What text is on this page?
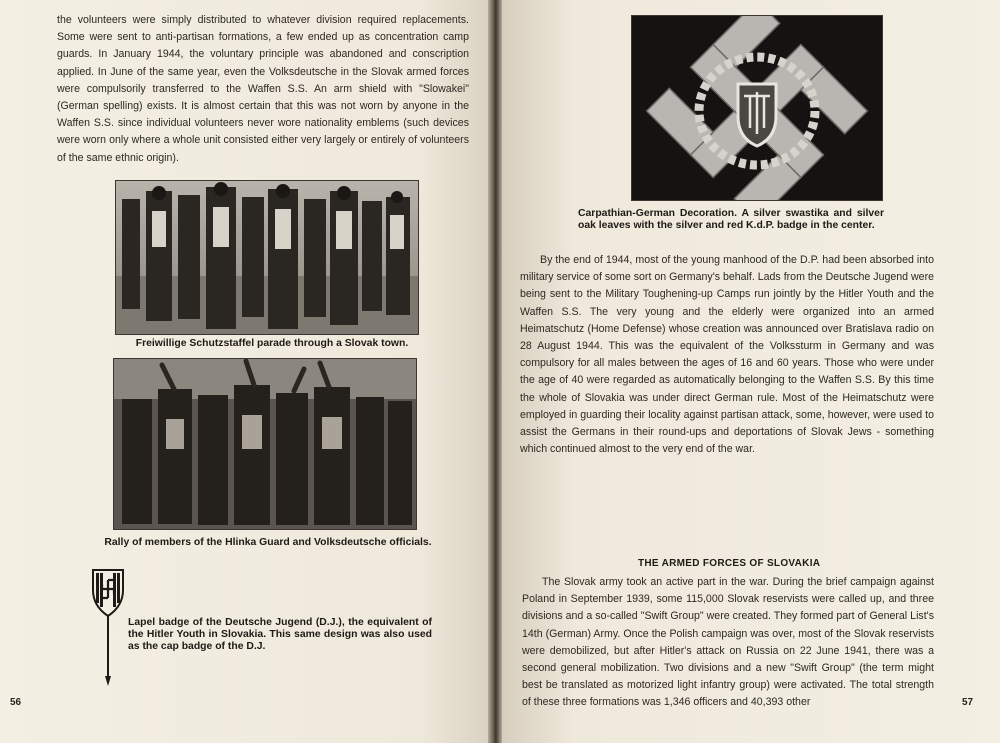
the volunteers were simply distributed to whatever division required replacements. Some were sent to anti-partisan formations, a few ended up as concentration camp guards. In January 1944, the voluntary principle was abandoned and conscription applied. In June of the same year, even the Volksdeutsche in the Slovak armed forces were compulsorily transferred to the Waffen S.S. An arm shield with "Slowakei" (German spelling) exists. It is almost certain that this was not worn by anyone in the Waffen S.S. since individual volunteers never wore nationality emblems (such devices were worn only where a whole unit consisted either very largely or entirely of volunteers of the same ethnic origin).

Freiwillige Schutzstaffel parade through a Slovak town.
Rally of members of the Hlinka Guard and Volksdeutsche officials.
Lapel badge of the Deutsche Jugend (D.J.), the equivalent of the Hitler Youth in Slovakia. This same design was also used as the cap badge of the D.J.
56
Carpathian-German Decoration. A silver swastika and silver oak leaves with the silver and red K.d.P. badge in the center.

By the end of 1944, most of the young manhood of the D.P. had been absorbed into military service of some sort on Germany's behalf. Lads from the Deutsche Jugend were being sent to the Military Toughening-up Camps run jointly by the Hitler Youth and the Waffen S.S. The very young and the elderly were organized into an armed Heimatschutz (Home Defense) whose creation was announced over Bratislava radio on 28 August 1944. This was the equivalent of the Volkssturm in Germany and was compulsory for all males between the ages of 16 and 60 years. Those who were under the age of 40 were regarded as automatically belonging to the Waffen S.S. By this time the whole of Slovakia was under direct German rule. Most of the Heimatschutz were employed in guarding their locality against partisan attack, some, however, were used to assist the Germans in their round-ups and deportations of Slovak Jews - something which continued almost to the very end of the war.

THE ARMED FORCES OF SLOVAKIA

The Slovak army took an active part in the war. During the brief campaign against Poland in September 1939, some 115,000 Slovak reservists were called up, and three divisions and a so-called "Swift Group" were created. They formed part of General List's 14th (German) Army. Once the Polish campaign was over, most of the Slovak reservists were demobilized, but after Hitler's attack on Russia on 22 June 1941, there was a second general mobilization. Two divisions and a new "Swift Group" (the term might best be translated as motorized light infantry group) were activated. The total strength of these three formations was 1,346 officers and 40,393 other	57
